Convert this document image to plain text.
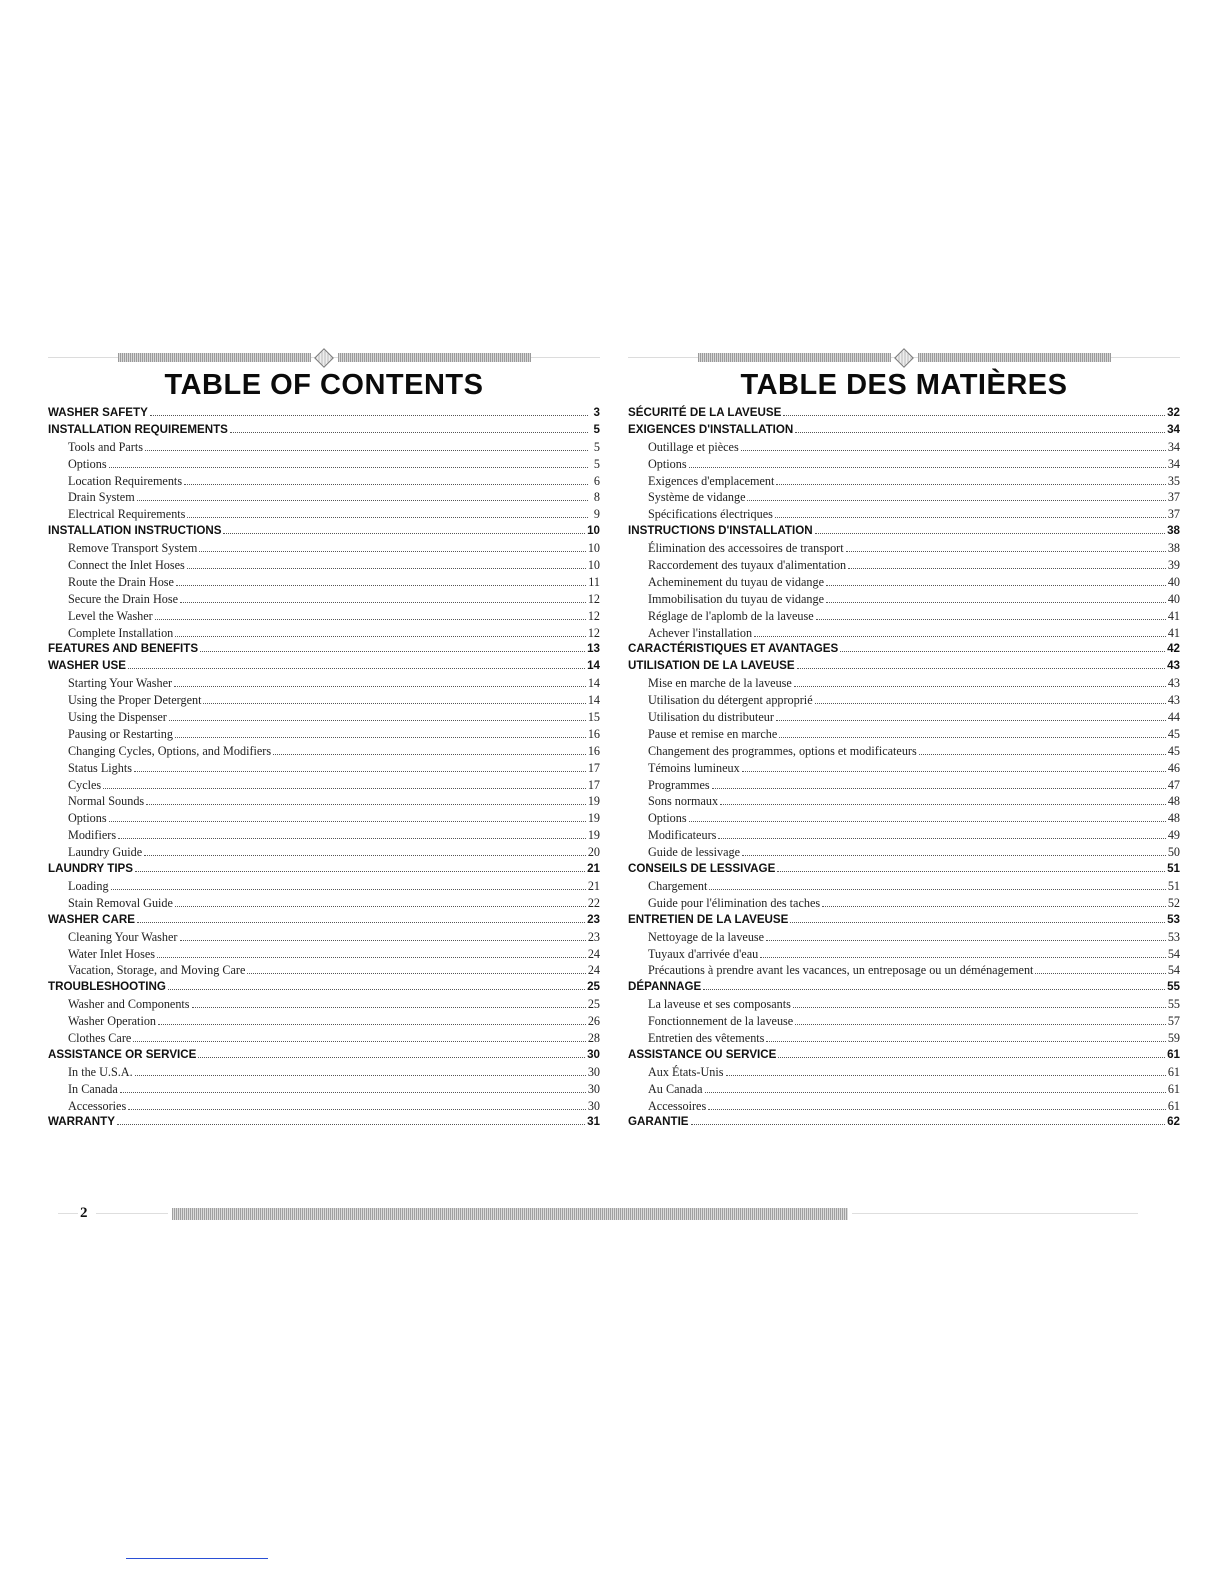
TABLE OF CONTENTS
WASHER SAFETY	3
INSTALLATION REQUIREMENTS	5
Tools and Parts	5
Options	5
Location Requirements	6
Drain System	8
Electrical Requirements	9
INSTALLATION INSTRUCTIONS	10
Remove Transport System	10
Connect the Inlet Hoses	10
Route the Drain Hose	11
Secure the Drain Hose	12
Level the Washer	12
Complete Installation	12
FEATURES AND BENEFITS	13
WASHER USE	14
Starting Your Washer	14
Using the Proper Detergent	14
Using the Dispenser	15
Pausing or Restarting	16
Changing Cycles, Options, and Modifiers	16
Status Lights	17
Cycles	17
Normal Sounds	19
Options	19
Modifiers	19
Laundry Guide	20
LAUNDRY TIPS	21
Loading	21
Stain Removal Guide	22
WASHER CARE	23
Cleaning Your Washer	23
Water Inlet Hoses	24
Vacation, Storage, and Moving Care	24
TROUBLESHOOTING	25
Washer and Components	25
Washer Operation	26
Clothes Care	28
ASSISTANCE OR SERVICE	30
In the U.S.A.	30
In Canada	30
Accessories	30
WARRANTY	31
TABLE DES MATIÈRES
SÉCURITÉ DE LA LAVEUSE	32
EXIGENCES D'INSTALLATION	34
Outillage et pièces	34
Options	34
Exigences d'emplacement	35
Système de vidange	37
Spécifications électriques	37
INSTRUCTIONS D'INSTALLATION	38
Élimination des accessoires de transport	38
Raccordement des tuyaux d'alimentation	39
Acheminement du tuyau de vidange	40
Immobilisation du tuyau de vidange	40
Réglage de l'aplomb de la laveuse	41
Achever l'installation	41
CARACTÉRISTIQUES ET AVANTAGES	42
UTILISATION DE LA LAVEUSE	43
Mise en marche de la laveuse	43
Utilisation du détergent approprié	43
Utilisation du distributeur	44
Pause et remise en marche	45
Changement des programmes, options et modificateurs	45
Témoins lumineux	46
Programmes	47
Sons normaux	48
Options	48
Modificateurs	49
Guide de lessivage	50
CONSEILS DE LESSIVAGE	51
Chargement	51
Guide pour l'élimination des taches	52
ENTRETIEN DE LA LAVEUSE	53
Nettoyage de la laveuse	53
Tuyaux d'arrivée d'eau	54
Précautions à prendre avant les vacances, un entreposage ou un déménagement	54
DÉPANNAGE	55
La laveuse et ses composants	55
Fonctionnement de la laveuse	57
Entretien des vêtements	59
ASSISTANCE OU SERVICE	61
Aux États-Unis	61
Au Canada	61
Accessoires	61
GARANTIE	62
2
